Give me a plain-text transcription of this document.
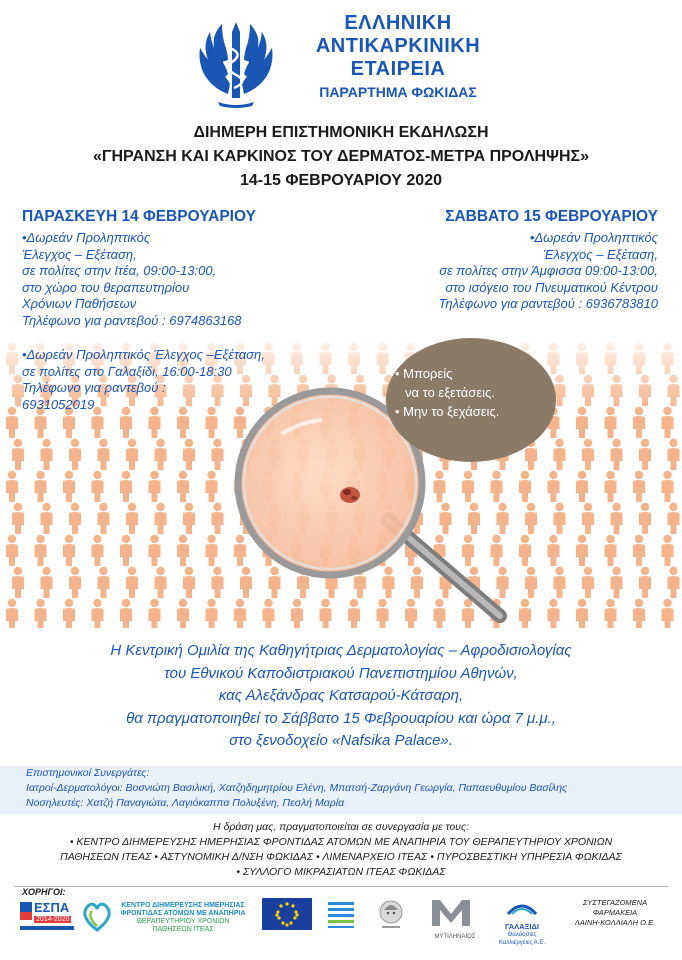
ΕΛΛΗΝΙΚΗ
ΑΝΤΙΚΑΡΚΙΝΙΚΗ
ΕΤΑΙΡΕΙΑ
ΠΑΡΑΡΤΗΜΑ ΦΩΚΙΔΑΣ
ΔΙΗΜΕΡΗ ΕΠΙΣΤΗΜΟΝΙΚΗ ΕΚΔΗΛΩΣΗ
«ΓΗΡΑΝΣΗ ΚΑΙ ΚΑΡΚΙΝΟΣ ΤΟΥ ΔΕΡΜΑΤΟΣ-ΜΕΤΡΑ ΠΡΟΛΗΨΗΣ»
14-15 ΦΕΒΡΟΥΑΡΙΟΥ 2020
• Μπορείς
να το εξετάσεις.
• Μην το ξεχάσεις.
ΠΑΡΑΣΚΕΥΗ 14 ΦΕΒΡΟΥΑΡΙΟΥ
•Δωρεάν Προληπτικός
Έλεγχος – Εξέταση,
σε πολίτες στην Ιτέα, 09:00-13:00,
στο χώρο του θεραπευτηρίου
Χρόνιων Παθήσεων
Τηλέφωνο για ραντεβού : 6974863168
•Δωρεάν Προληπτικός Έλεγχος –Εξέταση,
σε πολίτες στο Γαλαξίδι, 16:00-18:30
Τηλέφωνο για ραντεβού :
6931052019
ΣΑΒΒΑΤΟ 15 ΦΕΒΡΟΥΑΡΙΟΥ
•Δωρεάν Προληπτικός
Έλεγχος – Εξέταση,
σε πολίτες στην Άμφισσα 09:00-13:00,
στο ισόγειο του Πνευματικού Κέντρου
Τηλέφωνο για ραντεβού : 6936783810
Η Κεντρική Ομιλία της Καθηγήτριας Δερματολογίας – Αφροδισιολογίας
του Εθνικού Καποδιστριακού Πανεπιστημίου Αθηνών,
κας Αλεξάνδρας Κατσαρού-Κάτσαρη,
θα πραγματοποιηθεί το Σάββατο 15 Φεβρουαρίου και ώρα 7 μ.μ.,
στο ξενοδοχείο «Nafsika Palace».
Επιστημονικοί Συνεργάτες:
Ιατροί-Δερματολόγοι: Βοσνιώτη Βασιλική, Χατζηδημητρίου Ελένη, Μπατσή-Ζαργάνη Γεωργία, Παπαευθυμίου Βασίλης
Νοσηλευτές: Χατζή Παναγιώτα, Λαγιόκαππα Πολυξένη, Πεσλή Μαρία
Η δράση μας, πραγματοποιείται σε συνεργασία με τους:
• ΚΕΝΤΡΟ ΔΙΗΜΕΡΕΥΣΗΣ ΗΜΕΡΗΣΙΑΣ ΦΡΟΝΤΙΔΑΣ ΑΤΟΜΩΝ ΜΕ ΑΝΑΠΗΡΙΑ ΤΟΥ ΘΕΡΑΠΕΥΤΗΡΙΟΥ ΧΡΟΝΙΩΝ
ΠΑΘΗΣΕΩΝ ΙΤΕΑΣ • ΑΣΤΥΝΟΜΙΚΗ Δ/ΝΣΗ ΦΩΚΙΔΑΣ • ΛΙΜΕΝΑΡΧΕΙΟ ΙΤΕΑΣ • ΠΥΡΟΣΒΕΣΤΙΚΗ ΥΠΗΡΕΣΙΑ ΦΩΚΙΔΑΣ
• ΣΥΛΛΟΓΟ ΜΙΚΡΑΣΙΑΤΩΝ ΙΤΕΑΣ ΦΩΚΙΔΑΣ
ΧΟΡΗΓΟΙ:
ΕΣΠΑ
2014-2020
ΚΕΝΤΡΟ ΔΙΗΜΕΡΕΥΣΗΣ ΗΜΕΡΗΣΙΑΣ
ΦΡΟΝΤΙΔΑΣ ΑΤΟΜΩΝ ΜΕ ΑΝΑΠΗΡΙΑ
ΘΕΡΑΠΕΥΤΗΡΙΟΥ ΧΡΟΝΙΩΝ ΠΑΘΗΣΕΩΝ ΙΤΕΑΣ
ΜΥΤΙΛΗΝΑΙΟΣ
ΓΑΛΑΞΙΔΙ
Θαλάσσιες
Καλλιέργειες Α.Ε.
ΣΥΣΤΕΓΑΖΟΜΕΝΑ
ΦΑΡΜΑΚΕΙΑ
ΛΑΙΝΗ-ΚΟΛΛΙΑΛΗ Ο.Ε.
